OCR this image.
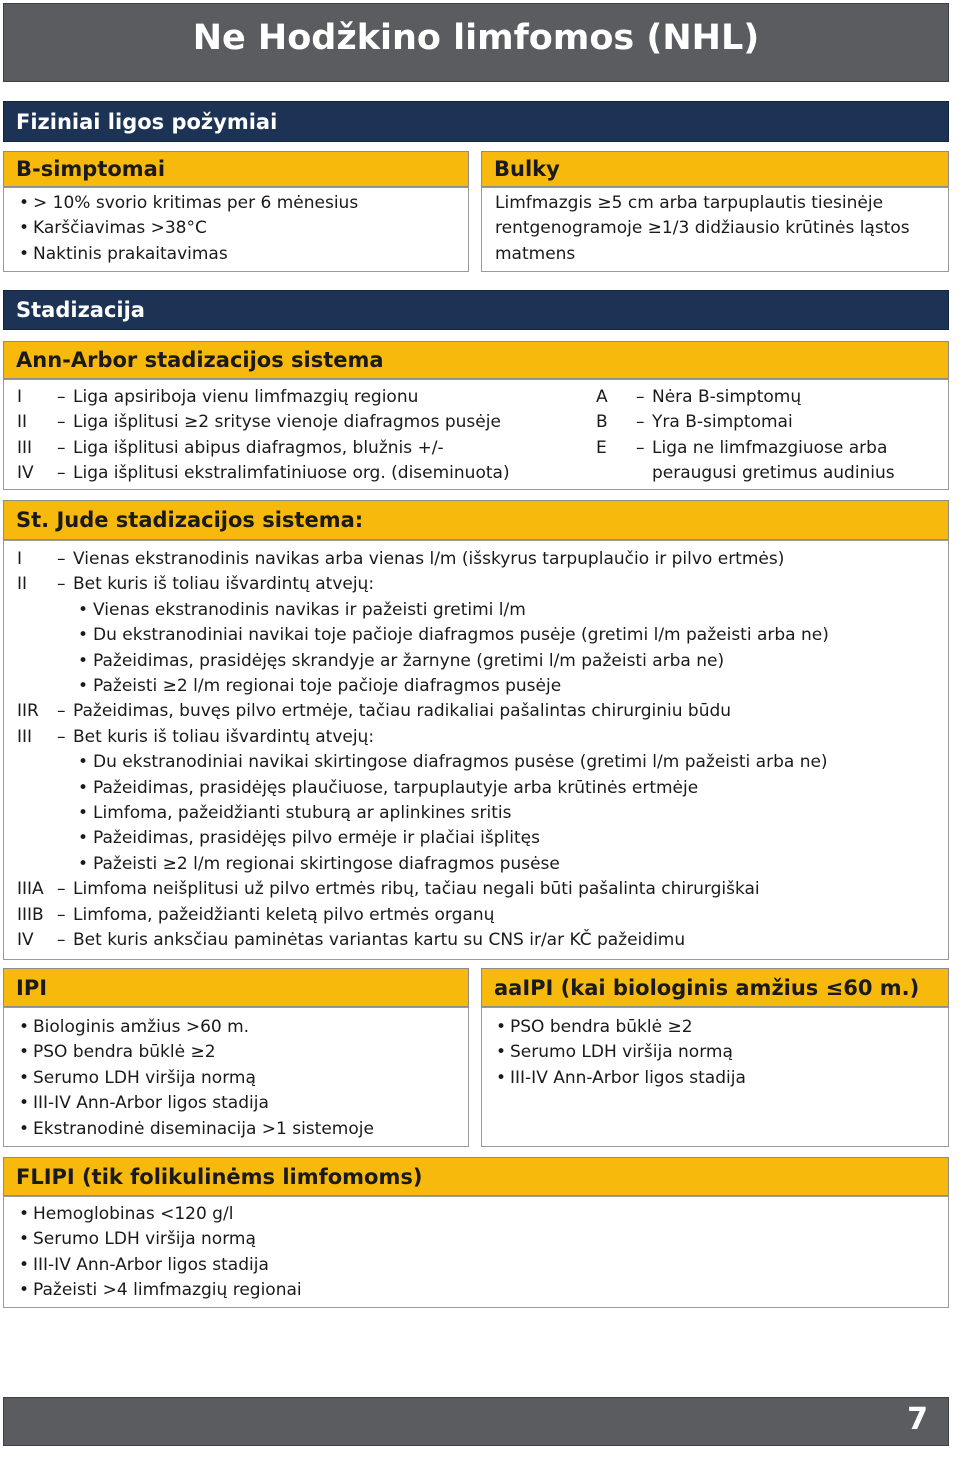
Ne Hodžkino limfomos (NHL)
Fiziniai ligos požymiai
B-simptomai
• > 10% svorio kritimas per 6 mėnesius
• Karščiavimas >38°C
• Naktinis prakaitavimas
Bulky
Limfmazgis ≥5 cm arba tarpuplautis tiesinėje
rentgenogramoje ≥1/3 didžiausio krūtinės ląstos
matmens
Stadizacija
Ann-Arbor stadizacijos sistema
I	– Liga apsiriboja vienu limfmazgių regionu
II	– Liga išplitusi ≥2 srityse vienoje diafragmos pusėje
III	– Liga išplitusi abipus diafragmos, blužnis +/-
IV	– Liga išplitusi ekstralimfatiniuose org. (diseminuota)
A	– Nėra B-simptomų
B	– Yra B-simptomai
E	– Liga ne limfmazgiuose arba
peraugusi gretimus audinius
St. Jude stadizacijos sistema:
I	– Vienas ekstranodinis navikas arba vienas l/m (išskyrus tarpuplaučio ir pilvo ertmės)
II	– Bet kuris iš toliau išvardintų atvejų:
• Vienas ekstranodinis navikas ir pažeisti gretimi l/m
• Du ekstranodiniai navikai toje pačioje diafragmos pusėje (gretimi l/m pažeisti arba ne)
• Pažeidimas, prasidėjęs skrandyje ar žarnyne (gretimi l/m pažeisti arba ne)
• Pažeisti ≥2 l/m regionai toje pačioje diafragmos pusėje
IIR	– Pažeidimas, buvęs pilvo ertmėje, tačiau radikaliai pašalintas chirurginiu būdu
III	– Bet kuris iš toliau išvardintų atvejų:
• Du ekstranodiniai navikai skirtingose diafragmos pusėse (gretimi l/m pažeisti arba ne)
• Pažeidimas, prasidėjęs plaučiuose, tarpuplautyje arba krūtinės ertmėje
• Limfoma, pažeidžianti stuburą ar aplinkines sritis
• Pažeidimas, prasidėjęs pilvo ermėje ir plačiai išplitęs
• Pažeisti ≥2 l/m regionai skirtingose diafragmos pusėse
IIIA – Limfoma neišplitusi už pilvo ertmės ribų, tačiau negali būti pašalinta chirurgiškai
IIIB – Limfoma, pažeidžianti keletą pilvo ertmės organų
IV	– Bet kuris anksčiau paminėtas variantas kartu su CNS ir/ar KČ pažeidimu
IPI
• Biologinis amžius >60 m.
• PSO bendra būklė ≥2
• Serumo LDH viršija normą
• III-IV Ann-Arbor ligos stadija
• Ekstranodinė diseminacija >1 sistemoje
aaIPI (kai biologinis amžius ≤60 m.)
• PSO bendra būklė ≥2
• Serumo LDH viršija normą
• III-IV Ann-Arbor ligos stadija
FLIPI (tik folikulinėms limfomoms)
• Hemoglobinas <120 g/l
• Serumo LDH viršija normą
• III-IV Ann-Arbor ligos stadija
• Pažeisti >4 limfmazgių regionai
7
